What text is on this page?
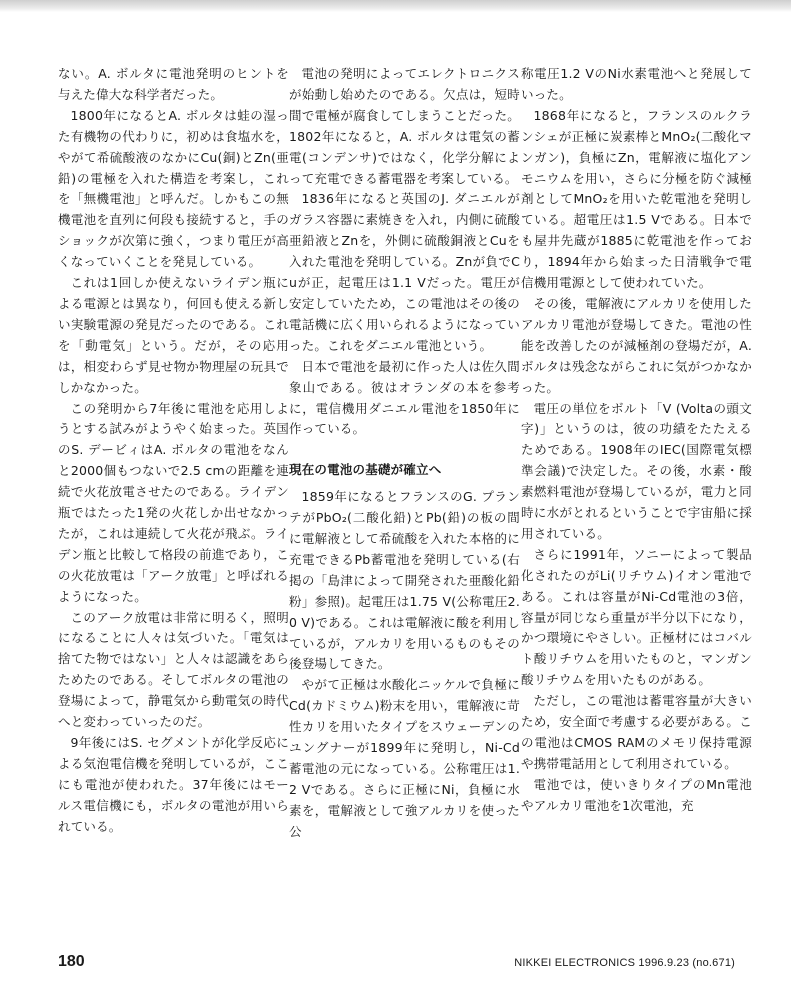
ない。A. ボルタに電池発明のヒントを与えた偉大な科学者だった。

1800年になるとA. ボルタは蛙の湿った有機物の代わりに，初めは食塩水を，やがて希硫酸液のなかにCu(銅)とZn(亜鉛)の電極を入れた構造を考案し，これを「無機電池」と呼んだ。しかもこの無機電池を直列に何段も接続すると，手のショックが次第に強く，つまり電圧が高くなっていくことを発見している。

これは1回しか使えないライデン瓶による電源とは異なり，何回も使える新しい実験電源の発見だったのである。これを「動電気」という。だが，その応用は，相変わらず見せ物か物理屋の玩具でしかなかった。

この発明から7年後に電池を応用しようとする試みがようやく始まった。英国のS. デービィはA. ボルタの電池をなんと2000個もつないで2.5 cmの距離を連続で火花放電させたのである。ライデン瓶ではたった1発の火花しか出せなかったが，これは連続して火花が飛ぶ。ライデン瓶と比較して格段の前進であり，この火花放電は「アーク放電」と呼ばれるようになった。

このアーク放電は非常に明るく，照明になることに人々は気づいた。「電気は捨てた物ではない」と人々は認識をあらためたのである。そしてボルタの電池の登場によって，静電気から動電気の時代へと変わっていったのだ。

9年後にはS. セグメントが化学反応による気泡電信機を発明しているが，ここにも電池が使われた。37年後にはモールス電信機にも，ボルタの電池が用いられている。

電池の発明によってエレクトロニクスが始動し始めたのである。欠点は，短時間で電極が腐食してしまうことだった。1802年になると，A. ボルタは電気の蓄電(コンデンサ)ではなく，化学分解によって充電できる蓄電器を考案している。

1836年になると英国のJ. ダニエルがガラス容器に素焼きを入れ，内側に硫酸亜鉛液とZnを，外側に硫酸銅液とCuを入れた電池を発明している。Znが負でCuが正，起電圧は1.1 Vだった。電圧が安定していたため，この電池はその後の電話機に広く用いられるようになっていった。これをダニエル電池という。

日本で電池を最初に作った人は佐久間象山である。彼はオランダの本を参考に，電信機用ダニエル電池を1850年に作っている。

現在の電池の基礎が確立へ

1859年になるとフランスのG. プランテがPbO₂(二酸化鉛)とPb(鉛)の板の間に電解液として希硫酸を入れた本格的に充電できるPb蓄電池を発明している(右掲の「島津によって開発された亜酸化鉛粉」参照)。起電圧は1.75 V(公称電圧2.0 V)である。これは電解液に酸を利用しているが，アルカリを用いるものもその後登場してきた。

やがて正極は水酸化ニッケルで負極にCd(カドミウム)粉末を用い，電解液に苛性カリを用いたタイプをスウェーデンのユングナーが1899年に発明し，Ni-Cd蓄電池の元になっている。公称電圧は1.2 Vである。さらに正極にNi，負極に水素を，電解液として強アルカリを使った公

称電圧1.2 VのNi水素電池へと発展していった。

1868年になると，フランスのルクランシェが正極に炭素棒とMnO₂(二酸化マンガン)，負極にZn，電解液に塩化アンモニウムを用い，さらに分極を防ぐ減極剤としてMnO₂を用いた乾電池を発明している。超電圧は1.5 Vである。日本でも屋井先蔵が1885に乾電池を作っており，1894年から始まった日清戦争で電信機用電源として使われていた。

その後，電解液にアルカリを使用したアルカリ電池が登場してきた。電池の性能を改善したのが減極剤の登場だが，A. ボルタは残念ながらこれに気がつかなかった。

電圧の単位をボルト「V (Voltaの頭文字)」というのは，彼の功績をたたえるためである。1908年のIEC(国際電気標準会議)で決定した。その後，水素・酸素燃料電池が登場しているが，電力と同時に水がとれるということで宇宙船に採用されている。

さらに1991年，ソニーによって製品化されたのがLi(リチウム)イオン電池である。これは容量がNi-Cd電池の3倍，容量が同じなら重量が半分以下になり，かつ環境にやさしい。正極材にはコバルト酸リチウムを用いたものと，マンガン酸リチウムを用いたものがある。

ただし，この電池は蓄電容量が大きいため，安全面で考慮する必要がある。この電池はCMOS RAMのメモリ保持電源や携帯電話用として利用されている。

電池では，使いきりタイプのMn電池やアルカリ電池を1次電池，充

180	NIKKEI ELECTRONICS 1996.9.23 (no.671)
